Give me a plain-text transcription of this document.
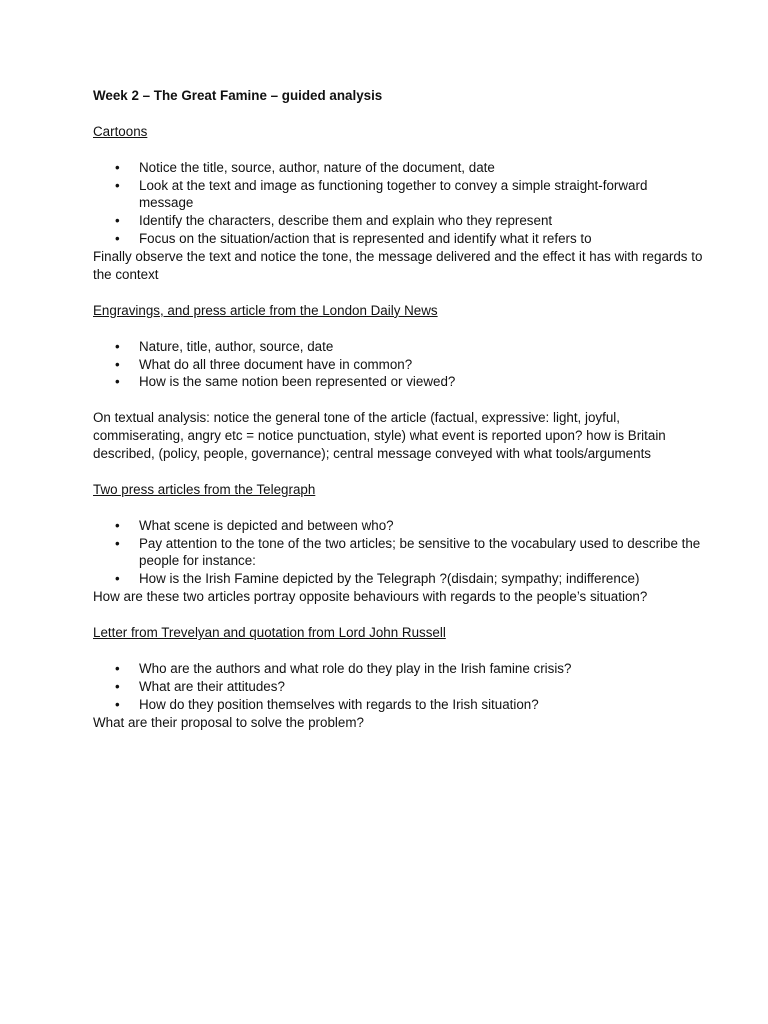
Week 2 – The Great Famine – guided analysis

Cartoons

• Notice the title, source, author, nature of the document, date
• Look at the text and image as functioning together to convey a simple straight-forward message
• Identify the characters, describe them and explain who they represent
• Focus on the situation/action that is represented and identify what it refers to

Finally observe the text and notice the tone, the message delivered and the effect it has with regards to the context

Engravings, and press article from the London Daily News

• Nature, title, author, source, date
• What do all three document have in common?
• How is the same notion been represented or viewed?

On textual analysis: notice the general tone of the article (factual, expressive: light, joyful, commiserating, angry etc = notice punctuation, style) what event is reported upon? how is Britain described, (policy, people, governance); central message conveyed with what tools/arguments

Two press articles from the Telegraph

• What scene is depicted and between who?
• Pay attention to the tone of the two articles; be sensitive to the vocabulary used to describe the people for instance:
• How is the Irish Famine depicted by the Telegraph ?(disdain; sympathy; indifference)

How are these two articles portray opposite behaviours with regards to the people’s situation?

Letter from Trevelyan and quotation from Lord John Russell

• Who are the authors and what role do they play in the Irish famine crisis?
• What are their attitudes?
• How do they position themselves with regards to the Irish situation?

What are their proposal to solve the problem?
